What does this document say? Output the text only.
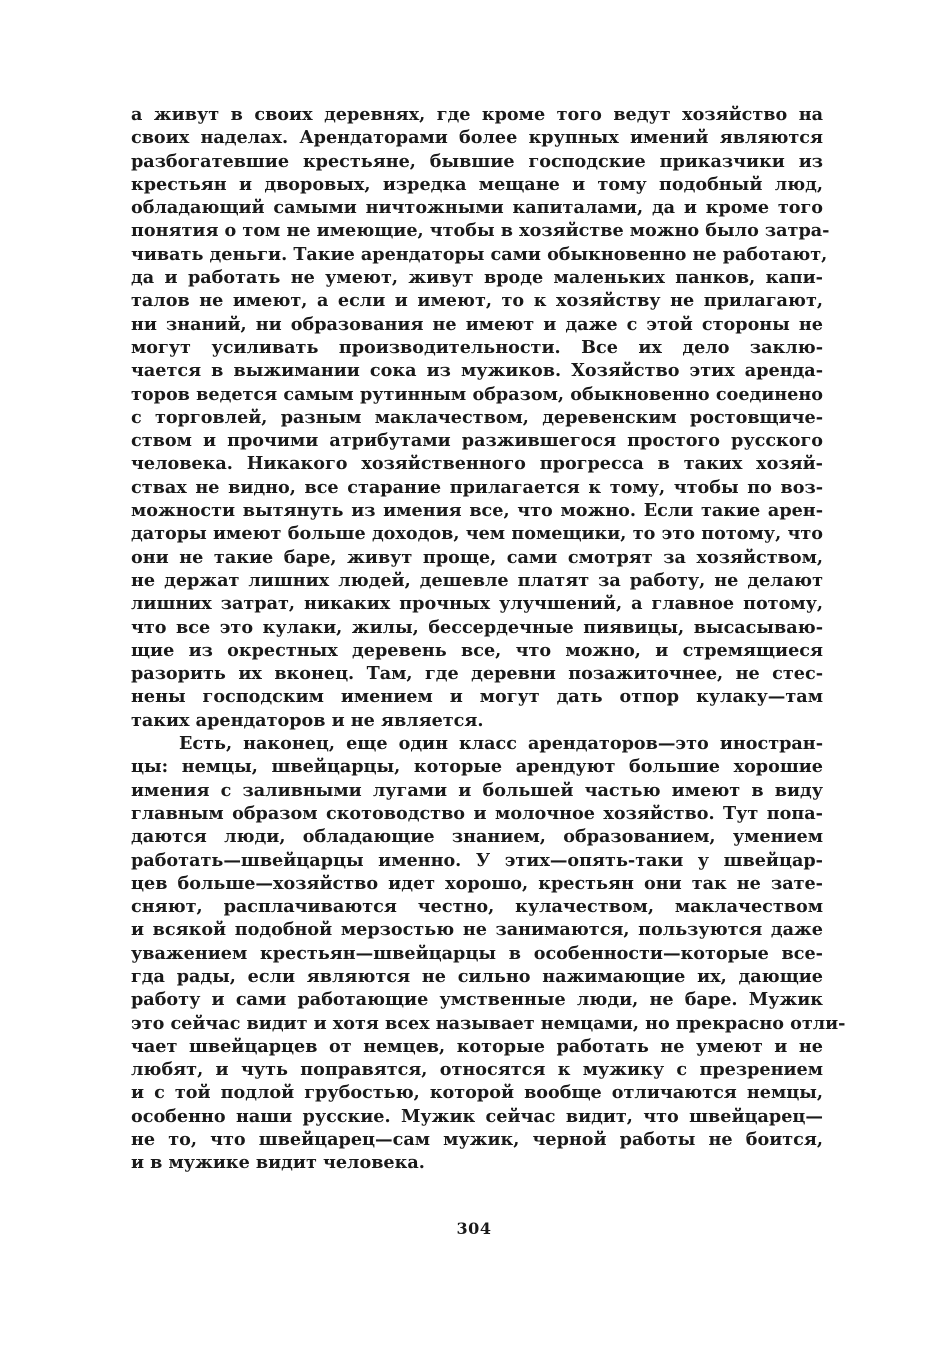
а живут в своих деревнях, где кроме того ведут хозяйство на
своих наделах. Арендаторами более крупных имений являются
разбогатевшие крестьяне, бывшие господские приказчики из
крестьян и дворовых, изредка мещане и тому подобный люд,
обладающий самыми ничтожными капиталами, да и кроме того
понятия о том не имеющие, чтобы в хозяйстве можно было затра-
чивать деньги. Такие арендаторы сами обыкновенно не работают,
да и работать не умеют, живут вроде маленьких панков, капи-
талов не имеют, а если и имеют, то к хозяйству не прилагают,
ни знаний, ни образования не имеют и даже с этой стороны не
могут усиливать производительности. Все их дело заклю-
чается в выжимании сока из мужиков. Хозяйство этих аренда-
торов ведется самым рутинным образом, обыкновенно соединено
с торговлей, разным маклачеством, деревенским ростовщиче-
ством и прочими атрибутами разжившегося простого русского
человека. Никакого хозяйственного прогресса в таких хозяй-
ствах не видно, все старание прилагается к тому, чтобы по воз-
можности вытянуть из имения все, что можно. Если такие арен-
даторы имеют больше доходов, чем помещики, то это потому, что
они не такие баре, живут проще, сами смотрят за хозяйством,
не держат лишних людей, дешевле платят за работу, не делают
лишних затрат, никаких прочных улучшений, а главное потому,
что все это кулаки, жилы, бессердечные пиявицы, высасываю-
щие из окрестных деревень все, что можно, и стремящиеся
разорить их вконец. Там, где деревни позажиточнее, не стес-
нены господским имением и могут дать отпор кулаку—там
таких арендаторов и не является.
Есть, наконец, еще один класс арендаторов—это иностран-
цы: немцы, швейцарцы, которые арендуют большие хорошие
имения с заливными лугами и большей частью имеют в виду
главным образом скотоводство и молочное хозяйство. Тут попа-
даются люди, обладающие знанием, образованием, умением
работать—швейцарцы именно. У этих—опять-таки у швейцар-
цев больше—хозяйство идет хорошо, крестьян они так не зате-
сняют, расплачиваются честно, кулачеством, маклачеством
и всякой подобной мерзостью не занимаются, пользуются даже
уважением крестьян—швейцарцы в особенности—которые все-
гда рады, если являются не сильно нажимающие их, дающие
работу и сами работающие умственные люди, не баре. Мужик
это сейчас видит и хотя всех называет немцами, но прекрасно отли-
чает швейцарцев от немцев, которые работать не умеют и не
любят, и чуть поправятся, относятся к мужику с презрением
и с той подлой грубостью, которой вообще отличаются немцы,
особенно наши русские. Мужик сейчас видит, что швейцарец—
не то, что швейцарец—сам мужик, черной работы не боится,
и в мужике видит человека.
304
